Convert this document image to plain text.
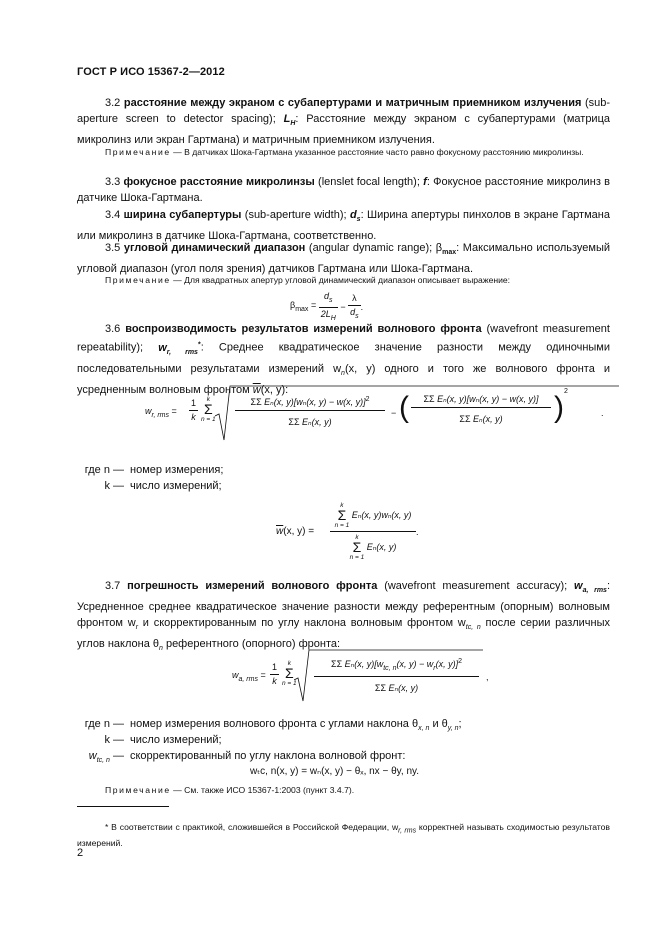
ГОСТ Р ИСО 15367-2—2012

3.2 расстояние между экраном с субапертурами и матричным приемником излучения (sub-aperture screen to detector spacing); $L_H$: Расстояние между экраном с субапертурами (матрица микролинз или экран Гартмана) и матричным приемником излучения.

Примечание — В датчиках Шока-Гартмана указанное расстояние часто равно фокусному расстоянию микролинзы.

3.3 фокусное расстояние микролинзы (lenslet focal length); f: Фокусное расстояние микролинз в датчике Шока-Гартмана.

3.4 ширина субапертуры (sub-aperture width); $d_s$: Ширина апертуры пинхолов в экране Гартмана или микролинз в датчике Шока-Гартмана, соответственно.

3.5 угловой динамический диапазон (angular dynamic range); $\beta_{max}$: Максимально используемый угловой диапазон (угол поля зрения) датчиков Гартмана или Шока-Гартмана.

Примечание — Для квадратных апертур угловой динамический диапазон описывает выражение:

$\beta_{max} = \frac{d_s}{2L_H} - \frac{\lambda}{d_s}$ .

3.6 воспроизводимость результатов измерений волнового фронта (wavefront measurement repeatability); $w_{r, rms}^*$: Среднее квадратическое значение разности между одиночными последовательными результатами измерений $w_n(x$, y) одного и того же волнового фронта и усредненным волновым фронтом $\overline{w}(x$, y):

$w_{r, rms} = \frac{1}{k}$	k
Σ
n = 1
ΣΣ Eₙ(x, y)[wₙ(x, y) − w(x, y)]$^2$
ΣΣ Eₙ(x, y)
− (	ΣΣ Eₙ(x, y)[wₙ(x, y) − w(x, y)]
ΣΣ Eₙ(x, y)	) $^2$
.
где n — номер измерения;
k — число измерений;
$\overline{w}(x$, y) =
k
Σ
n = 1
Eₙ(x, y)wₙ(x, y)
k
Σ
n = 1
Eₙ(x, y)
.

3.7 погрешность измерений волнового фронта (wavefront measurement accuracy); $w_{a, rms}$: Усредненное среднее квадратическое значение разности между референтным (опорным) волновым фронтом $w_r$ и скорректированным по углу наклона волновым фронтом $w_{tc, n}$ после серии различных углов наклона $\theta_n$ референтного (опорного) фронта:

$w_{a, rms} = \frac{1}{k}$	k
Σ
n = 1
ΣΣ Eₙ(x, $y)[w_{tc, n}(x$, $y) - w_r(x$, y)]$^2$
ΣΣ Eₙ(x, y)
,
где n — номер измерения волнового фронта с углами наклона $\theta_{x, n}$ и $\theta_{y, n}$;
k — число измерений;
$w_{tc, n}$ — скорректированный по углу наклона волновой фронт:
wₜᴄ, n(x, y) = wₙ(x, y) − θₓ, nx − θy, ny.

Примечание — См. также ИСО 15367-1:2003 (пункт 3.4.7).

* В соответствии с практикой, сложившейся в Российской Федерации, $w_{r, rms}$ корректней называть сходимостью результатов измерений.

2
